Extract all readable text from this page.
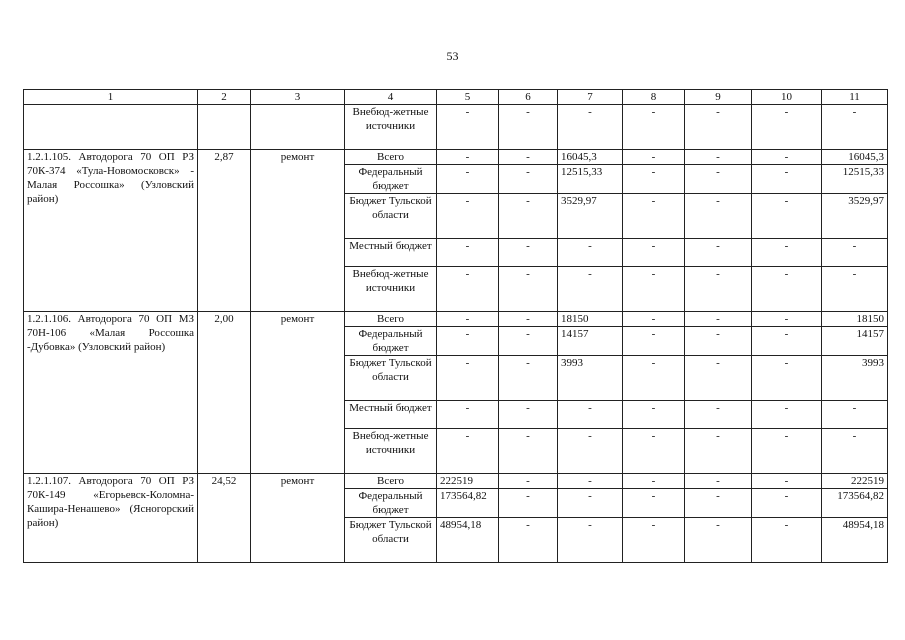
53
1	2	3	4	5	6	7	8	9	10	11
			Внебюд-жетные источники	-	-	-	-	-	-	-
1.2.1.105. Автодорога 70 ОП РЗ 70К-374 «Тула-Новомосковск» - Малая Россошка» (Узловский район)	2,87	ремонт	Всего	-	-	16045,3	-	-	-	16045,3
			Федеральный бюджет	-	-	12515,33	-	-	-	12515,33
			Бюджет Тульской области	-	-	3529,97	-	-	-	3529,97
			Местный бюджет	-	-	-	-	-	-	-
			Внебюд-жетные источники	-	-	-	-	-	-	-
1.2.1.106. Автодорога 70 ОП МЗ 70Н-106 «Малая Россошка -Дубовка» (Узловский район)	2,00	ремонт	Всего	-	-	18150	-	-	-	18150
			Федеральный бюджет	-	-	14157	-	-	-	14157
			Бюджет Тульской области	-	-	3993	-	-	-	3993
			Местный бюджет	-	-	-	-	-	-	-
			Внебюд-жетные источники	-	-	-	-	-	-	-
1.2.1.107. Автодорога 70 ОП РЗ 70К-149 «Егорьевск-Коломна-Кашира-Ненашево» (Ясногорский район)	24,52	ремонт	Всего	222519	-	-	-	-	-	222519
			Федеральный бюджет	173564,82	-	-	-	-	-	173564,82
			Бюджет Тульской области	48954,18	-	-	-	-	-	48954,18
